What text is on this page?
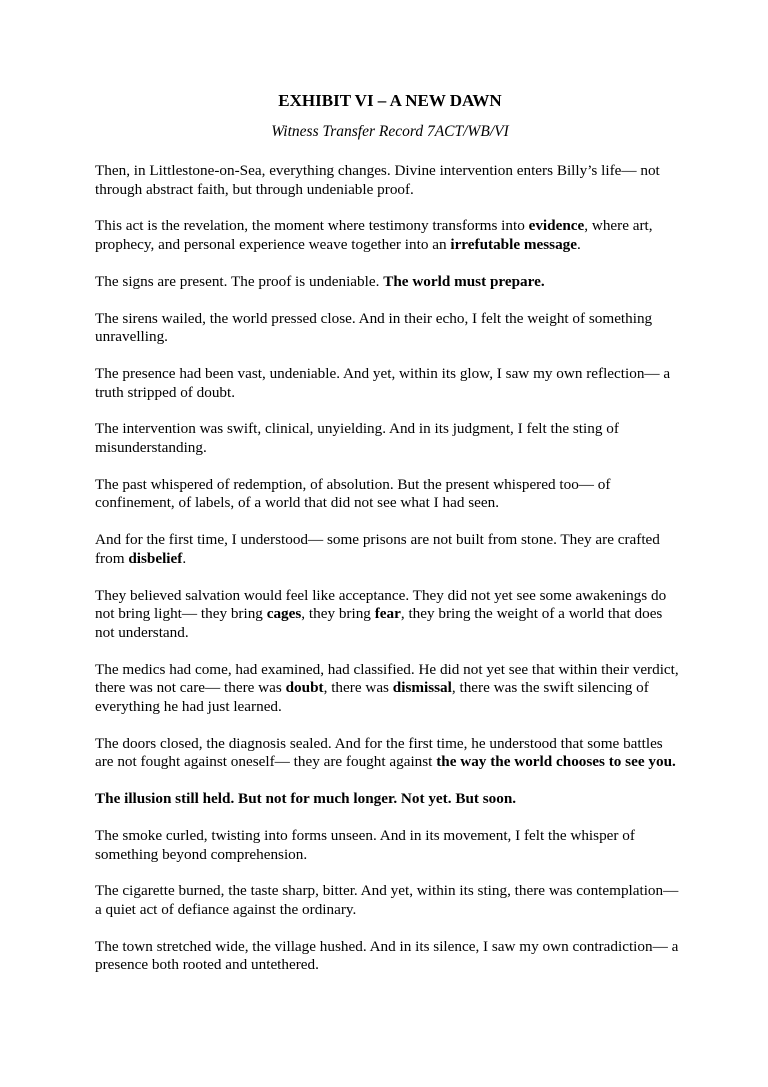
EXHIBIT VI – A NEW DAWN
Witness Transfer Record 7ACT/WB/VI

Then, in Littlestone-on-Sea, everything changes. Divine intervention enters Billy’s life— not through abstract faith, but through undeniable proof.

This act is the revelation, the moment where testimony transforms into evidence, where art, prophecy, and personal experience weave together into an irrefutable message.

The signs are present. The proof is undeniable. The world must prepare.

The sirens wailed, the world pressed close. And in their echo, I felt the weight of something unravelling.

The presence had been vast, undeniable. And yet, within its glow, I saw my own reflection— a truth stripped of doubt.

The intervention was swift, clinical, unyielding. And in its judgment, I felt the sting of misunderstanding.

The past whispered of redemption, of absolution. But the present whispered too— of confinement, of labels, of a world that did not see what I had seen.

And for the first time, I understood— some prisons are not built from stone. They are crafted from disbelief.

They believed salvation would feel like acceptance. They did not yet see some awakenings do not bring light— they bring cages, they bring fear, they bring the weight of a world that does not understand.

The medics had come, had examined, had classified. He did not yet see that within their verdict, there was not care— there was doubt, there was dismissal, there was the swift silencing of everything he had just learned.

The doors closed, the diagnosis sealed. And for the first time, he understood that some battles are not fought against oneself— they are fought against the way the world chooses to see you.

The illusion still held. But not for much longer. Not yet. But soon.

The smoke curled, twisting into forms unseen. And in its movement, I felt the whisper of something beyond comprehension.

The cigarette burned, the taste sharp, bitter. And yet, within its sting, there was contemplation— a quiet act of defiance against the ordinary.

The town stretched wide, the village hushed. And in its silence, I saw my own contradiction— a presence both rooted and untethered.
